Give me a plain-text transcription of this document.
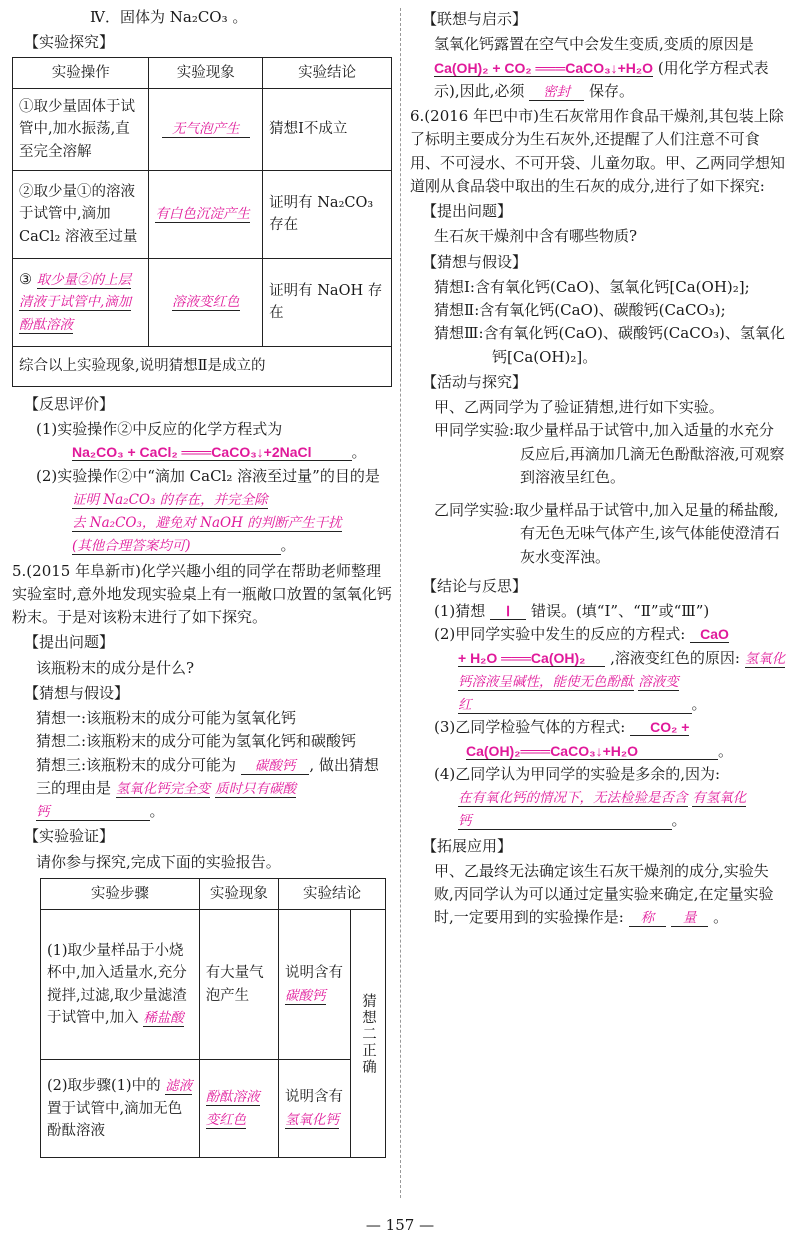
Ⅳ．固体为 Na₂CO₃ 。

【实验探究】

实验操作	实验现象	实验结论
①取少量固体于试管中,加水振荡,直至完全溶解	无气泡产生	猜想Ⅰ不成立
②取少量①的溶液于试管中,滴加 CaCl₂ 溶液至过量	有白色沉淀产生	证明有 Na₂CO₃ 存在
③ 取少量②的上层清液于试管中,滴加酚酞溶液	溶液变红色	证明有 NaOH 存在
综合以上实验现象,说明猜想Ⅱ是成立的		

【反思评价】

(1)实验操作②中反应的化学方程式为

Na₂CO₃ + CaCl₂ ═══CaCO₃↓+2NaCl	。

(2)实验操作②中“滴加 CaCl₂ 溶液至过量”的目的是

证明 Na₂CO₃ 的存在，并完全除

去 Na₂CO₃，避免对 NaOH 的判断产生干扰

(其他合理答案均可)	。

5.(2015 年阜新市)化学兴趣小组的同学在帮助老师整理实验室时,意外地发现实验桌上有一瓶敞口放置的氢氧化钙粉末。于是对该粉末进行了如下探究。

【提出问题】

该瓶粉末的成分是什么?

【猜想与假设】

猜想一:该瓶粉末的成分可能为氢氧化钙

猜想二:该瓶粉末的成分可能为氢氧化钙和碳酸钙

猜想三:该瓶粉末的成分可能为 碳酸钙 , 做出猜想三的理由是 氢氧化钙完全变 质时只有碳酸钙	。

【实验验证】

请你参与探究,完成下面的实验报告。

实验步骤	实验现象	实验结论	
(1)取少量样品于小烧杯中,加入适量水,充分搅拌,过滤,取少量滤渣于试管中,加入 稀盐酸	有大量气泡产生	说明含有 碳酸钙	猜想二正确
(2)取步骤(1)中的 滤液 置于试管中,滴加无色酚酞溶液	酚酞溶液变红色	说明含有 氢氧化钙	

【联想与启示】

氢氧化钙露置在空气中会发生变质,变质的原因是

Ca(OH)₂ + CO₂ ═══CaCO₃↓+H₂O (用化学方程式表示),因此,必须 密封 保存。

6.(2016 年巴中市)生石灰常用作食品干燥剂,其包装上除了标明主要成分为生石灰外,还提醒了人们注意不可食用、不可浸水、不可开袋、儿童勿取。甲、乙两同学想知道刚从食品袋中取出的生石灰的成分,进行了如下探究:

【提出问题】

生石灰干燥剂中含有哪些物质?

【猜想与假设】

猜想Ⅰ:含有氧化钙(CaO)、氢氧化钙[Ca(OH)₂];

猜想Ⅱ:含有氧化钙(CaO)、碳酸钙(CaCO₃);

猜想Ⅲ:含有氧化钙(CaO)、碳酸钙(CaCO₃)、氢氧化钙[Ca(OH)₂]。

【活动与探究】

甲、乙两同学为了验证猜想,进行如下实验。

甲同学实验:取少量样品于试管中,加入适量的水充分反应后,再滴加几滴无色酚酞溶液,可观察到溶液呈红色。

乙同学实验:取少量样品于试管中,加入足量的稀盐酸,有无色无味气体产生,该气体能使澄清石灰水变浑浊。

【结论与反思】

(1)猜想 Ⅰ 错误。(填“Ⅰ”、“Ⅱ”或“Ⅲ”)

(2)甲同学实验中发生的反应的方程式: CaO

+ H₂O ═══Ca(OH)₂ ,溶液变红色的原因: 氢氧化钙溶液呈碱性，能使无色酚酞 溶液变红	。

(3)乙同学检验气体的方程式: CO₂ +

Ca(OH)₂═══CaCO₃↓+H₂O	。

(4)乙同学认为甲同学的实验是多余的,因为:

在有氧化钙的情况下，无法检验是否含 有氢氧化钙	。

【拓展应用】

甲、乙最终无法确定该生石灰干燥剂的成分,实验失败,丙同学认为可以通过定量实验来确定,在定量实验时,一定要用到的实验操作是: 称 量 。

— 157 —
